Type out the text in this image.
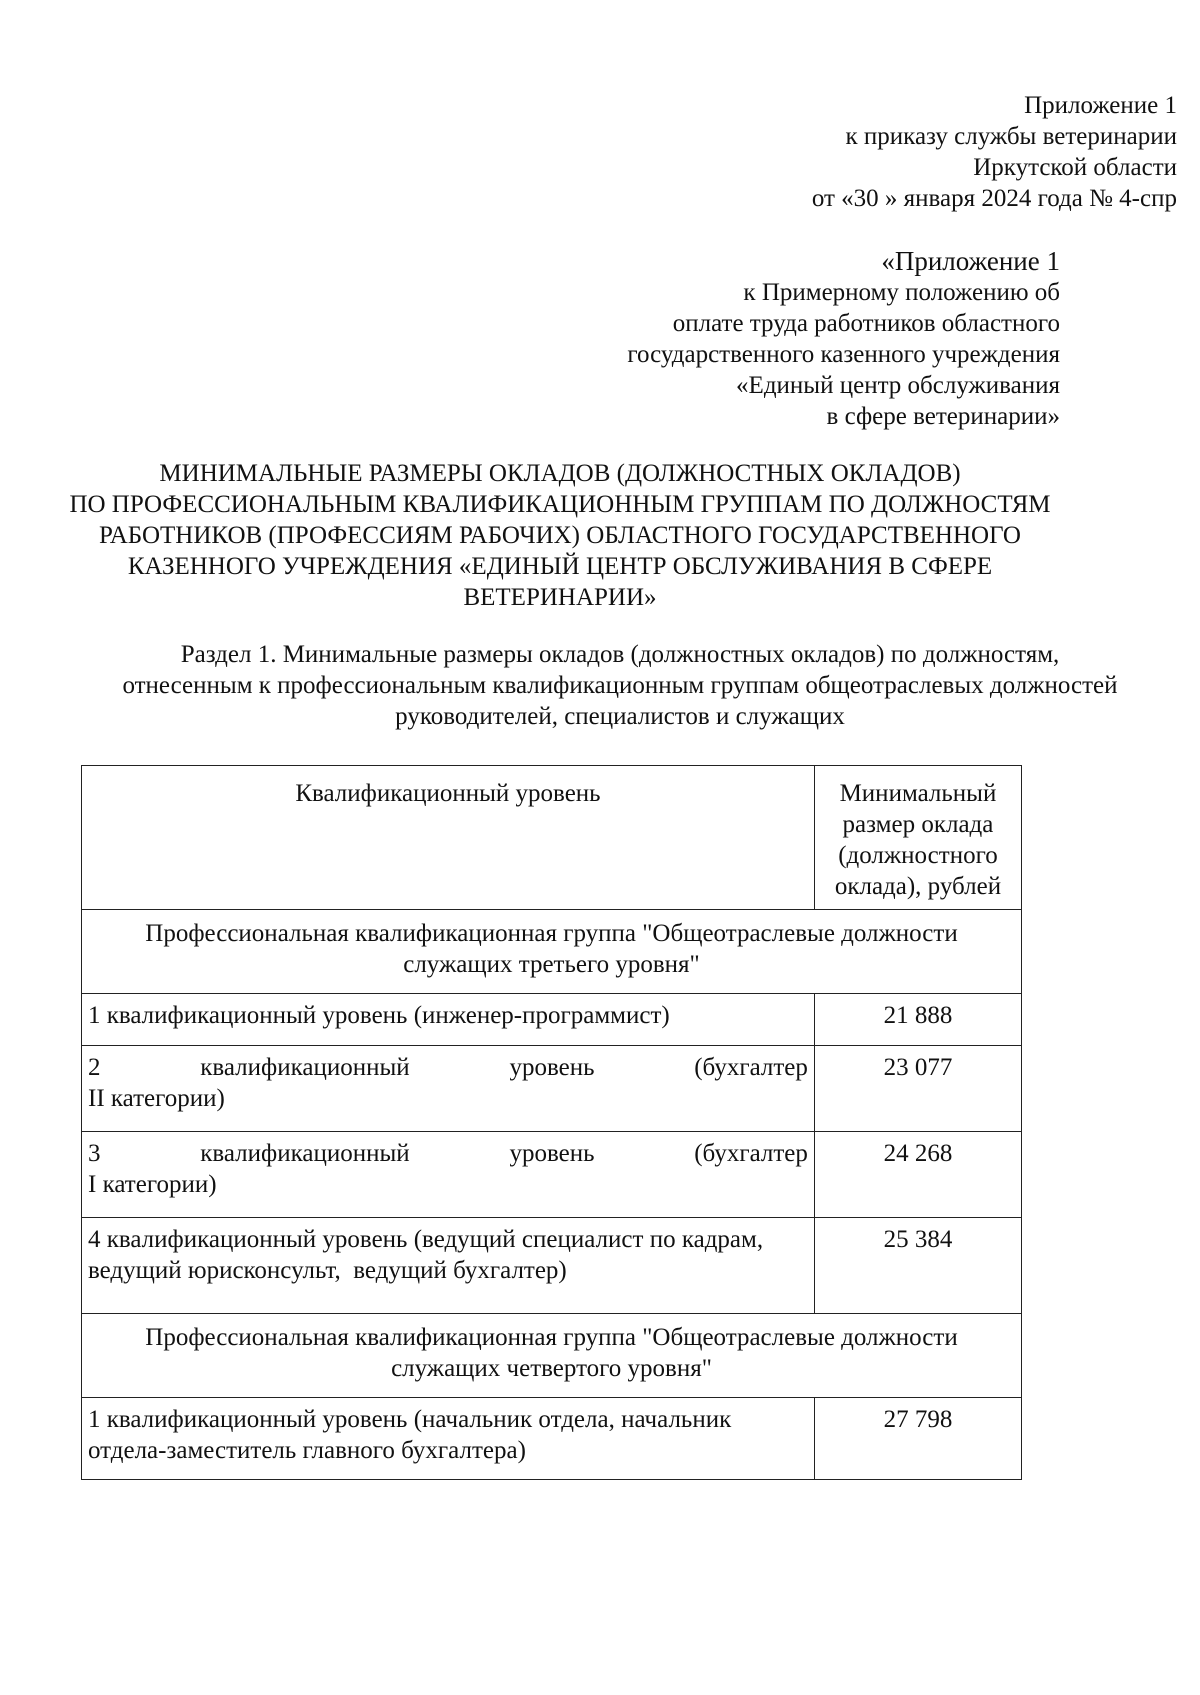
Приложение 1
к приказу службы ветеринарии
Иркутской области
от «30 » января 2024 года № 4-спр
«Приложение 1
к Примерному положению об
оплате труда работников областного
государственного казенного учреждения
«Единый центр обслуживания
в сфере ветеринарии»
МИНИМАЛЬНЫЕ РАЗМЕРЫ ОКЛАДОВ (ДОЛЖНОСТНЫХ ОКЛАДОВ)
ПО ПРОФЕССИОНАЛЬНЫМ КВАЛИФИКАЦИОННЫМ ГРУППАМ ПО ДОЛЖНОСТЯМ
РАБОТНИКОВ (ПРОФЕССИЯМ РАБОЧИХ) ОБЛАСТНОГО ГОСУДАРСТВЕННОГО
КАЗЕННОГО УЧРЕЖДЕНИЯ «ЕДИНЫЙ ЦЕНТР ОБСЛУЖИВАНИЯ В СФЕРЕ
ВЕТЕРИНАРИИ»
Раздел 1. Минимальные размеры окладов (должностных окладов) по должностям,
отнесенным к профессиональным квалификационным группам общеотраслевых должностей
руководителей, специалистов и служащих
Квалификационный уровень	Минимальный
размер оклада
(должностного
оклада), рублей

Профессиональная квалификационная группа "Общеотраслевые должности
служащих третьего уровня"	

1 квалификационный уровень (инженер-программист)	21 888

2 квалификационный уровень (бухгалтер
II категории)	23 077

3 квалификационный уровень (бухгалтер
I категории)	24 268

4 квалификационный уровень (ведущий специалист по кадрам,
ведущий юрисконсульт,  ведущий бухгалтер)	25 384

Профессиональная квалификационная группа "Общеотраслевые должности
служащих четвертого уровня"	

1 квалификационный уровень (начальник отдела, начальник
отдела-заместитель главного бухгалтера)	27 798
